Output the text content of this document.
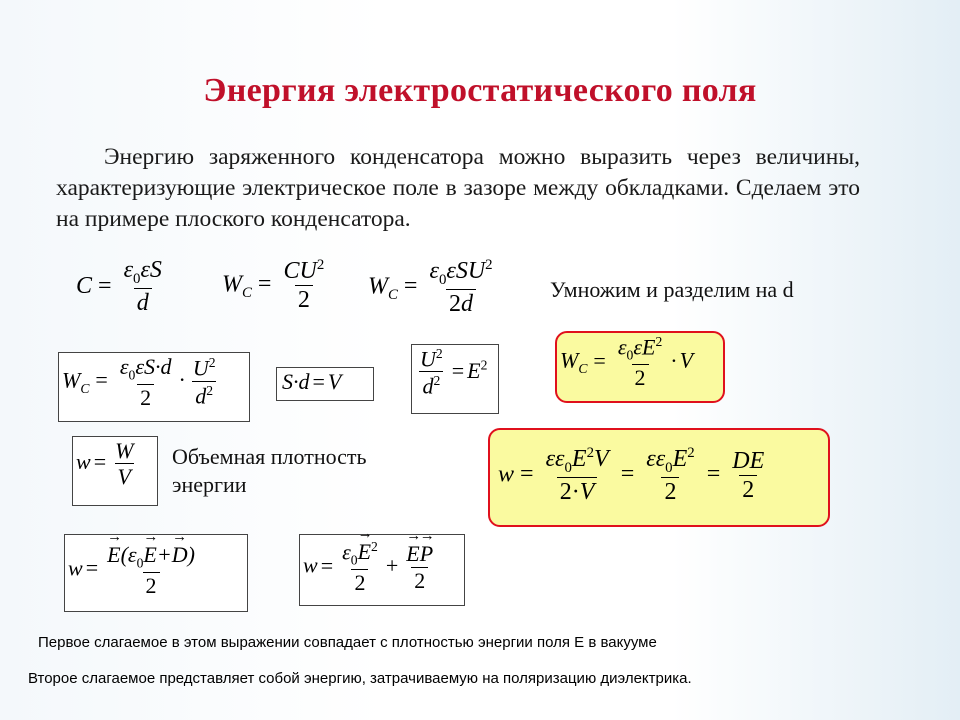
Энергия электростатического поля
Энергию заряженного конденсатора можно выразить через величины, характеризующие электрическое поле в зазоре между обкладками. Сделаем это на примере плоского конденсатора.
$C = \frac{\varepsilon_0\varepsilon S}{d} W_C = \frac{CU^2}{2} W_C = \frac{\varepsilon_0\varepsilon SU^2}{2d}$ Умножим и разделим на d
$W_C = \frac{\varepsilon_0\varepsilon S\cdot d}{2} \cdot \frac{U^2}{d^2}$	S·d = V	$\frac{U^2}{d^2} = E^2$	$W_C = \frac{\varepsilon_0\varepsilon E^2}{2} \cdot V$
$w = \frac{W}{V}$ Объемная плотность энергии	$w = \frac{\varepsilon\varepsilon_0E^2V}{2\cdot V} = \frac{\varepsilon\varepsilon_0E^2}{2} = \frac{DE}{2}$
w = → $\frac{E(\varepsilon_0\to E+\to D)}{2}$	$w = \frac{\varepsilon_0\to E^2}{2}$ + → $\frac{E\to P}{2}$
Первое слагаемое в этом выражении совпадает с плотностью энергии поля E в вакууме
Второе слагаемое представляет собой энергию, затрачиваемую на поляризацию диэлектрика.
